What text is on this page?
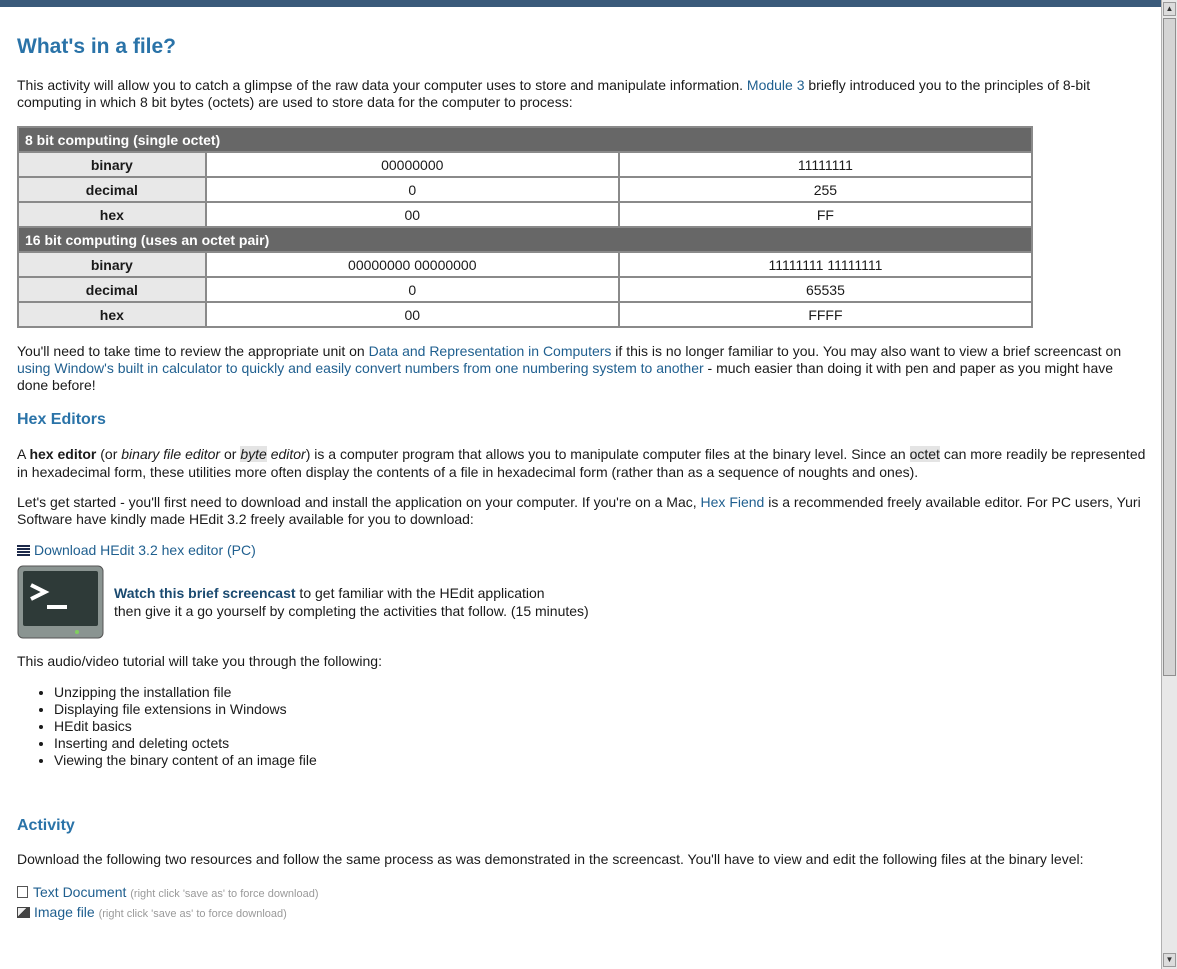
What's in a file?

This activity will allow you to catch a glimpse of the raw data your computer uses to store and manipulate information. Module 3 briefly introduced you to the principles of 8-bit computing in which 8 bit bytes (octets) are used to store data for the computer to process:

8 bit computing (single octet)		
binary	00000000	11111111
decimal	0	255
hex	00	FF
16 bit computing (uses an octet pair)		
binary	00000000 00000000	11111111 11111111
decimal	0	65535
hex	00	FFFF

You'll need to take time to review the appropriate unit on Data and Representation in Computers if this is no longer familiar to you. You may also want to view a brief screencast on using Window's built in calculator to quickly and easily convert numbers from one numbering system to another - much easier than doing it with pen and paper as you might have done before!

Hex Editors

A hex editor (or binary file editor or byte editor) is a computer program that allows you to manipulate computer files at the binary level. Since an octet can more readily be represented in hexadecimal form, these utilities more often display the contents of a file in hexadecimal form (rather than as a sequence of noughts and ones).

Let's get started - you'll first need to download and install the application on your computer. If you're on a Mac, Hex Fiend is a recommended freely available editor. For PC users, Yuri Software have kindly made HEdit 3.2 freely available for you to download:

Download HEdit 3.2 hex editor (PC)

Watch this brief screencast to get familiar with the HEdit application
then give it a go yourself by completing the activities that follow. (15 minutes)

This audio/video tutorial will take you through the following:

• Unzipping the installation file
• Displaying file extensions in Windows
• HEdit basics
• Inserting and deleting octets
• Viewing the binary content of an image file
Activity

Download the following two resources and follow the same process as was demonstrated in the screencast. You'll have to view and edit the following files at the binary level:

Text Document (right click 'save as' to force download)

Image file (right click 'save as' to force download)

▲
▼
